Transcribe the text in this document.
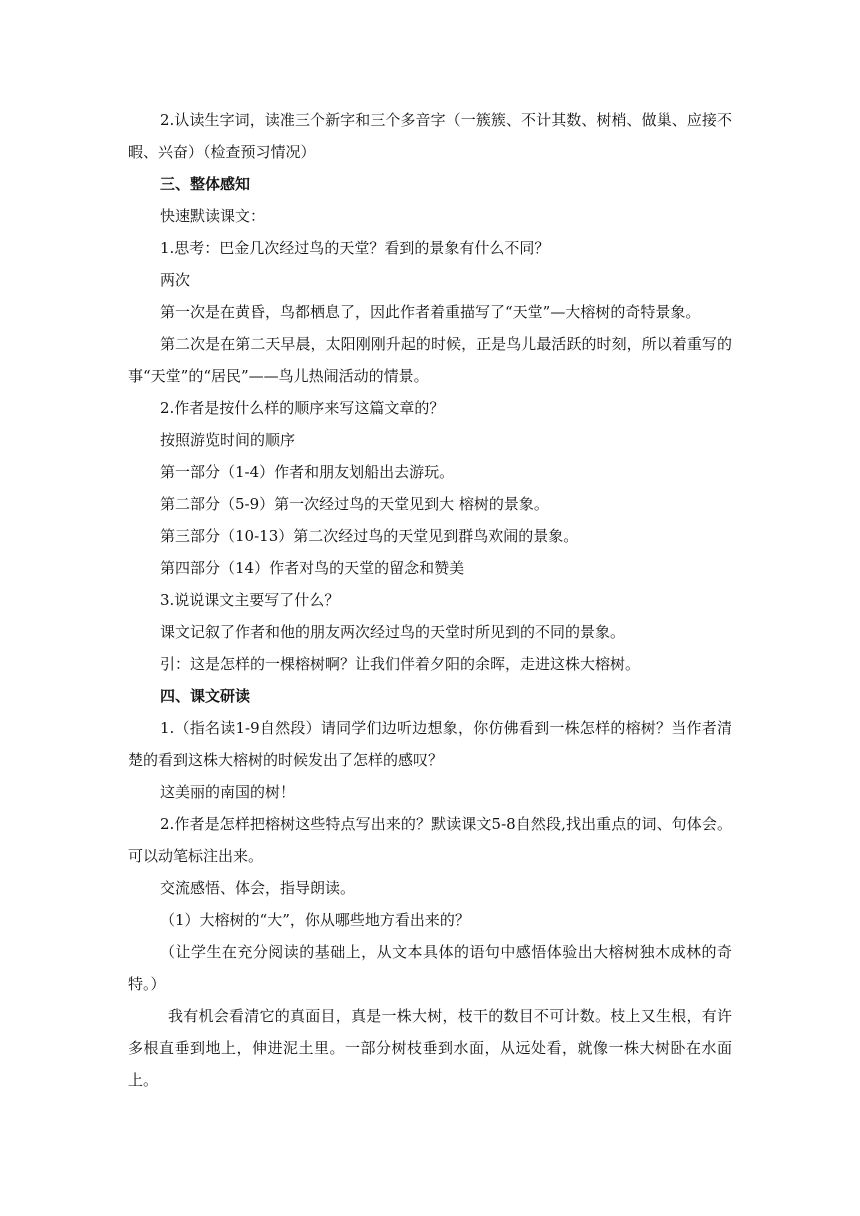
2.认读生字词，读准三个新字和三个多音字（一簇簇、不计其数、树梢、做巢、应接不暇、兴奋）（检查预习情况）

三、整体感知

快速默读课文：

1.思考：巴金几次经过鸟的天堂？看到的景象有什么不同？

两次

第一次是在黄昏，鸟都栖息了，因此作者着重描写了“天堂”—大榕树的奇特景象。

第二次是在第二天早晨，太阳刚刚升起的时候，正是鸟儿最活跃的时刻，所以着重写的事“天堂”的“居民”——鸟儿热闹活动的情景。

2.作者是按什么样的顺序来写这篇文章的？

按照游览时间的顺序

第一部分（1-4）作者和朋友划船出去游玩。

第二部分（5-9）第一次经过鸟的天堂见到大 榕树的景象。

第三部分（10-13）第二次经过鸟的天堂见到群鸟欢闹的景象。

第四部分（14）作者对鸟的天堂的留念和赞美

3.说说课文主要写了什么？

课文记叙了作者和他的朋友两次经过鸟的天堂时所见到的不同的景象。

引：这是怎样的一棵榕树啊？让我们伴着夕阳的余晖，走进这株大榕树。

四、课文研读

1.（指名读1-9自然段）请同学们边听边想象，你仿佛看到一株怎样的榕树？当作者清楚的看到这株大榕树的时候发出了怎样的感叹？

这美丽的南国的树！

2.作者是怎样把榕树这些特点写出来的？默读课文5-8自然段,找出重点的词、句体会。可以动笔标注出来。

交流感悟、体会，指导朗读。

（1）大榕树的“大”，你从哪些地方看出来的？

（让学生在充分阅读的基础上，从文本具体的语句中感悟体验出大榕树独木成林的奇特。）

我有机会看清它的真面目，真是一株大树，枝干的数目不可计数。枝上又生根，有许多根直垂到地上，伸进泥土里。一部分树枝垂到水面，从远处看，就像一株大树卧在水面上。
